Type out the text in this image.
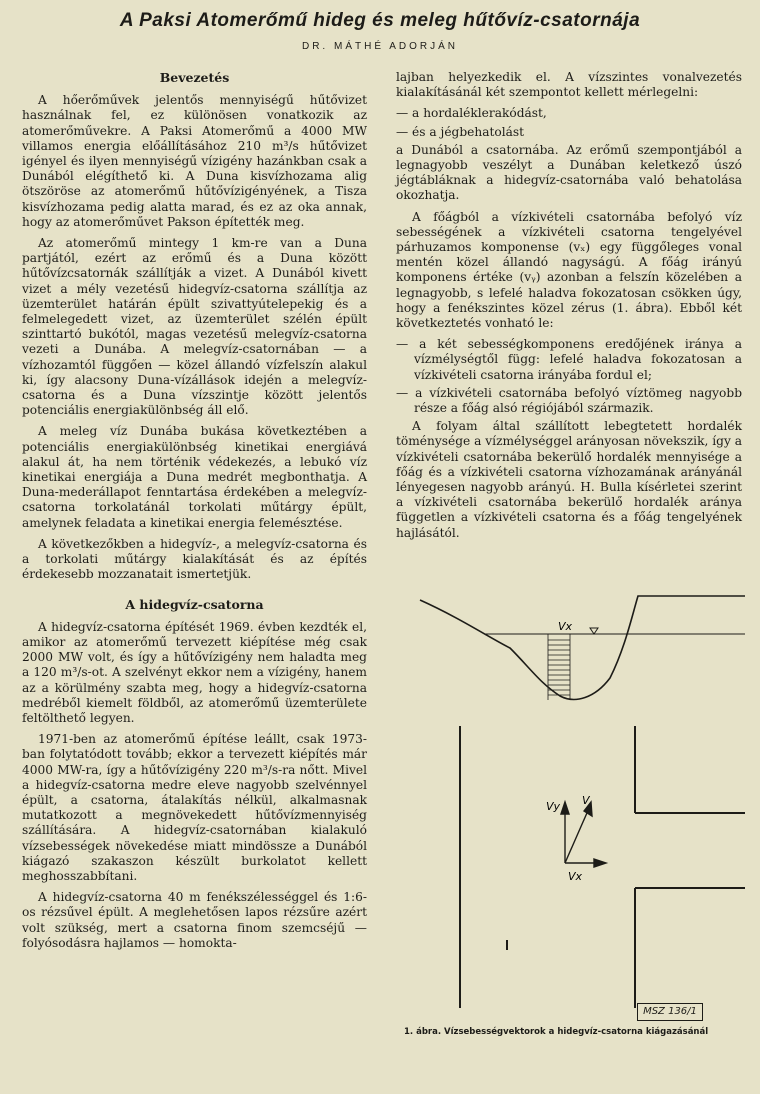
A Paksi Atomerőmű hideg és meleg hűtővíz-csatornája
DR. MÁTHÉ ADORJÁN
Bevezetés

A hőerőművek jelentős mennyiségű hűtővizet használnak fel, ez különösen vonatkozik az atomerőművekre. A Paksi Atomerőmű a 4000 MW villamos energia előállításához 210 m³/s hűtővizet igényel és ilyen mennyiségű vízigény hazánkban csak a Dunából elégíthető ki. A Duna kisvízhozama alig ötszöröse az atomerőmű hűtővízigényének, a Tisza kisvízhozama pedig alatta marad, és ez az oka annak, hogy az atomerőművet Pakson építették meg.

Az atomerőmű mintegy 1 km-re van a Duna partjától, ezért az erőmű és a Duna között hűtővízcsatornák szállítják a vizet. A Dunából kivett vizet a mély vezetésű hidegvíz-csatorna szállítja az üzemterület határán épült szivattyútelepekig és a felmelegedett vizet, az üzemterület szélén épült szinttartó bukótól, magas vezetésű melegvíz-csatorna vezeti a Dunába. A melegvíz-csatornában — a vízhozamtól függően — közel állandó vízfelszín alakul ki, így alacsony Duna-vízállások idején a melegvíz-csatorna és a Duna vízszintje között jelentős potenciális energiakülönbség áll elő.

A meleg víz Dunába bukása következtében a potenciális energiakülönbség kinetikai energiává alakul át, ha nem történik védekezés, a lebukó víz kinetikai energiája a Duna medrét megbonthatja. A Duna-mederállapot fenntartása érdekében a melegvíz-csatorna torkolatánál torkolati műtárgy épült, amelynek feladata a kinetikai energia felemésztése.

A következőkben a hidegvíz-, a melegvíz-csatorna és a torkolati műtárgy kialakítását és az építés érdekesebb mozzanatait ismertetjük.

A hidegvíz-csatorna

A hidegvíz-csatorna építését 1969. évben kezdték el, amikor az atomerőmű tervezett kiépítése még csak 2000 MW volt, és így a hűtővízigény nem haladta meg a 120 m³/s-ot. A szelvényt ekkor nem a vízigény, hanem az a körülmény szabta meg, hogy a hidegvíz-csatorna medréből kiemelt földből, az atomerőmű üzemterülete feltölthető legyen.

1971-ben az atomerőmű építése leállt, csak 1973-ban folytatódott tovább; ekkor a tervezett kiépítés már 4000 MW-ra, így a hűtővízigény 220 m³/s-ra nőtt. Mivel a hidegvíz-csatorna medre eleve nagyobb szelvénnyel épült, a csatorna, átalakítás nélkül, alkalmasnak mutatkozott a megnövekedett hűtővízmennyiség szállítására. A hidegvíz-csatornában kialakuló vízsebességek növekedése miatt mindössze a Dunából kiágazó szakaszon készült burkolatot kellett meghosszabbítani.

A hidegvíz-csatorna 40 m fenékszélességgel és 1:6-os rézsűvel épült. A meglehetősen lapos rézsűre azért volt szükség, mert a csatorna finom szemcséjű — folyósodásra hajlamos — homokta-

lajban helyezkedik el. A vízszintes vonalvezetés kialakításánál két szempontot kellett mérlegelni:

— a hordaléklerakódást,
— és a jégbehatolást

a Dunából a csatornába. Az erőmű szempontjából a legnagyobb veszélyt a Dunában keletkező úszó jégtábláknak a hidegvíz-csatornába való behatolása okozhatja.

A főágból a vízkivételi csatornába befolyó víz sebességének a vízkivételi csatorna tengelyével párhuzamos komponense (vₓ) egy függőleges vonal mentén közel állandó nagyságú. A főág irányú komponens értéke (vᵧ) azonban a felszín közelében a legnagyobb, s lefelé haladva fokozatosan csökken úgy, hogy a fenékszintes közel zérus (1. ábra). Ebből két következtetés vonható le:

— a két sebességkomponens eredőjének iránya a vízmélységtől függ: lefelé haladva fokozatosan a vízkivételi csatorna irányába fordul el;
— a vízkivételi csatornába befolyó víztömeg nagyobb része a főág alsó régiójából származik.

A folyam által szállított lebegtetett hordalék töménysége a vízmélységgel arányosan növekszik, így a vízkivételi csatornába bekerülő hordalék mennyisége a főág és a vízkivételi csatorna vízhozamának arányánál lényegesen nagyobb arányú. H. Bulla kísérletei szerint a vízkivételi csatornába bekerülő hordalék aránya független a vízkivételi csatorna és a főág tengelyének hajlásától.

Vx
Vy V
Vx
MSZ 136/1
1. ábra. Vízsebességvektorok a hidegvíz-csatorna kiágazásánál
